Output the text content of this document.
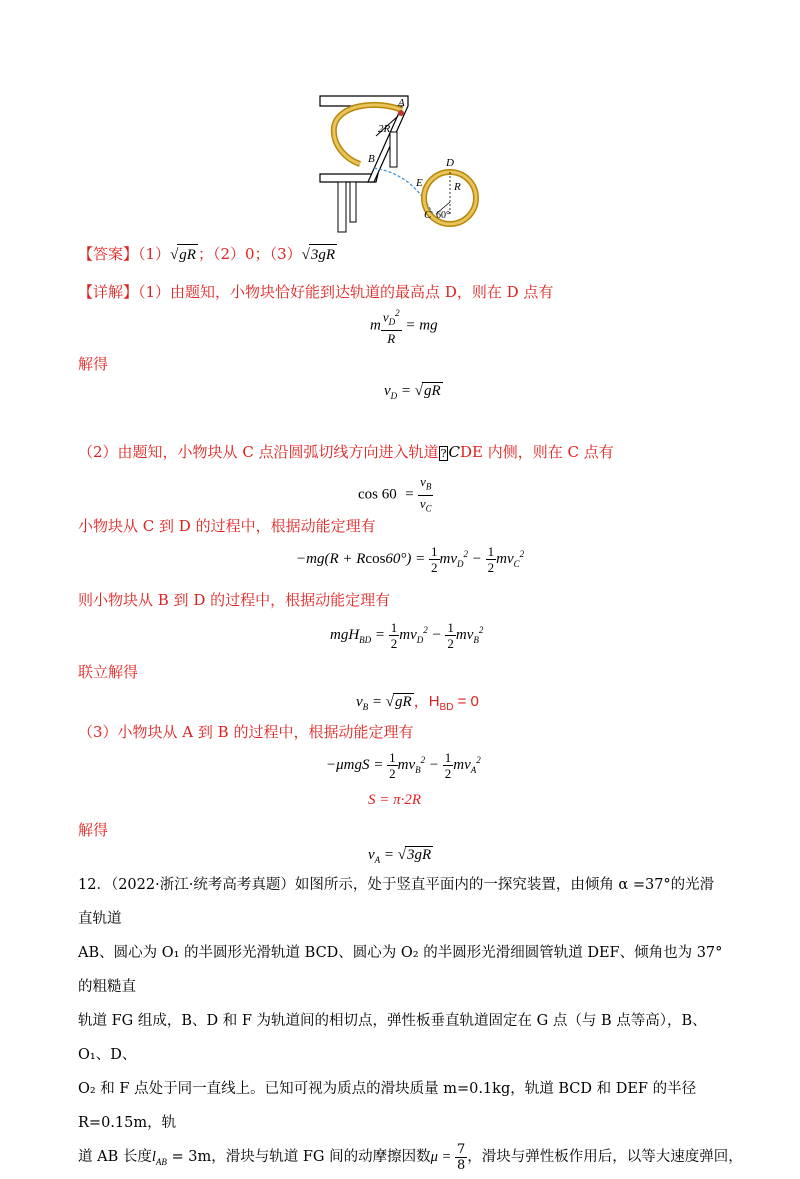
2R
A
B	D
E	R
C 60°
【答案】（1）√gR ；（2）0；（3）√3gR
【详解】（1）由题知，小物块恰好能到达轨道的最高点 D，则在 D 点有
m $\frac{v_D^2}{R}$ = mg
解得
$v_D = √gR$
（2）由题知，小物块从 C 点沿圆弧切线方向进入轨道 ? CDE 内侧，则在 C 点有
$\cos 60 = \frac{v_B}{v_C}$
小物块从 C 到 D 的过程中，根据动能定理有
$-mg(R + Rcos60^\circ) = \frac{1}{2} mv_D^2 - \frac{1}{2} mv_C^2$
则小物块从 B 到 D 的过程中，根据动能定理有
$mgH_{BD} = \frac{1}{2} mv_D^2 - \frac{1}{2} mv_B^2$
联立解得
$v_B = √gR$ ，$H_{BD} = 0$
（3）小物块从 A 到 B 的过程中，根据动能定理有
$-\mu mgS = \frac{1}{2} mv_B^2 - \frac{1}{2} mv_A^2$
S = π·2R
解得
$v_A = √3gR$
12．（2022·浙江·统考高考真题）如图所示，处于竖直平面内的一探究装置，由倾角 α =37°的光滑直轨道
AB、圆心为 O₁ 的半圆形光滑轨道 BCD、圆心为 O₂ 的半圆形光滑细圆管轨道 DEF、倾角也为 37°的粗糙直
轨道 FG 组成，B、D 和 F 为轨道间的相切点，弹性板垂直轨道固定在 G 点（与 B 点等高），B、O₁、D、
O₂ 和 F 点处于同一直线上。已知可视为质点的滑块质量 m=0.1kg，轨道 BCD 和 DEF 的半径 R=0.15m，轨
道 AB 长度$l_{AB} = 3m$，滑块与轨道 FG 间的动摩擦因数$\mu = \frac{7}{8}$ ，滑块与弹性板作用后，以等大速度弹回，
